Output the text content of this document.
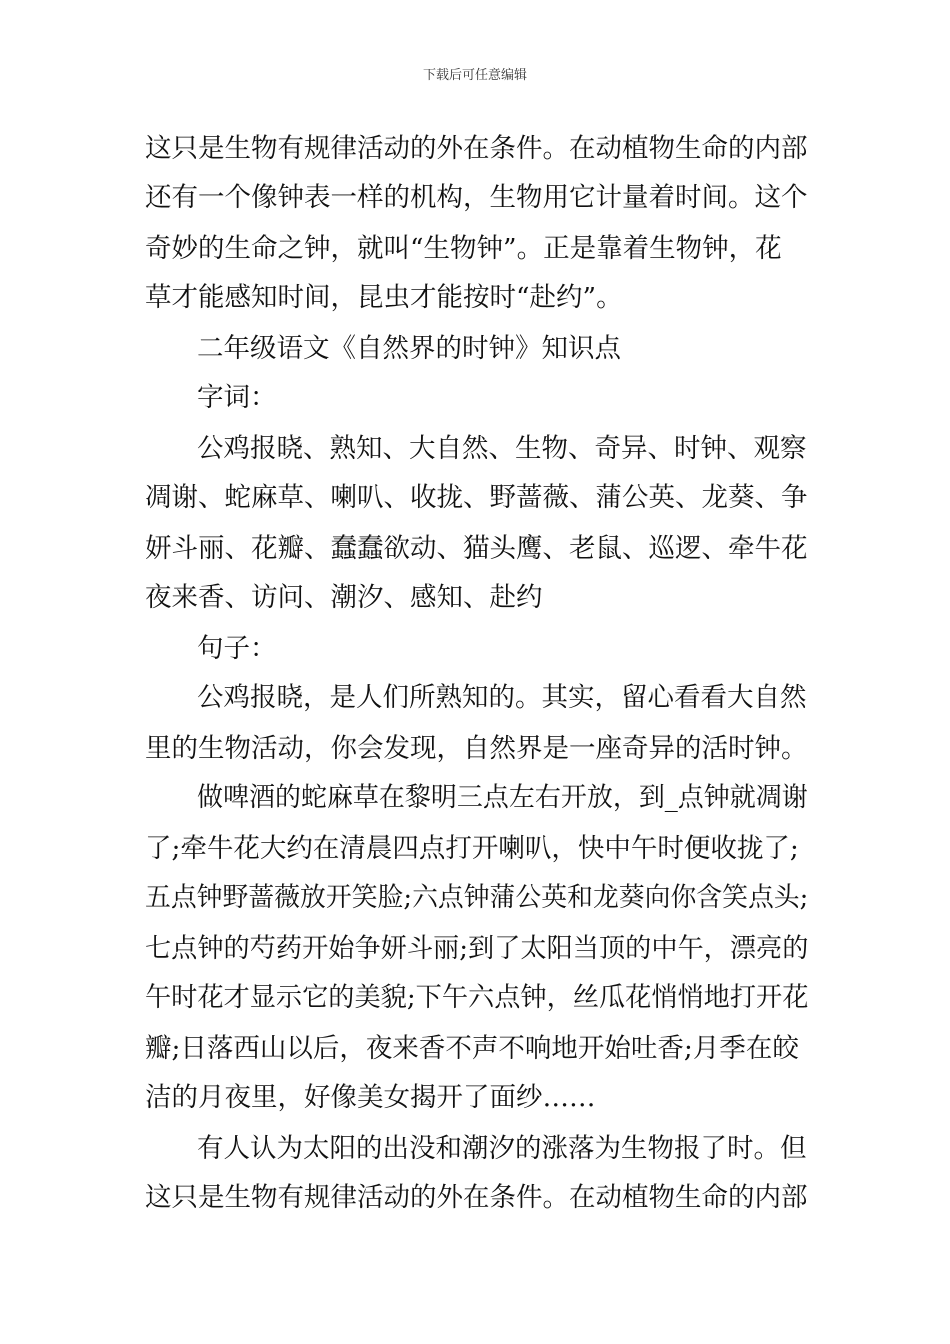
下载后可任意编辑
这只是生物有规律活动的外在条件。在动植物生命的内部
还有一个像钟表一样的机构，生物用它计量着时间。这个
奇妙的生命之钟，就叫“生物钟”。正是靠着生物钟，花
草才能感知时间，昆虫才能按时“赴约”。
二年级语文《自然界的时钟》知识点
字词：
公鸡报晓、熟知、大自然、生物、奇异、时钟、观察
凋谢、蛇麻草、喇叭、收拢、野蔷薇、蒲公英、龙葵、争
妍斗丽、花瓣、蠢蠢欲动、猫头鹰、老鼠、巡逻、牵牛花
夜来香、访问、潮汐、感知、赴约
句子：
公鸡报晓，是人们所熟知的。其实，留心看看大自然
里的生物活动，你会发现，自然界是一座奇异的活时钟。
做啤酒的蛇麻草在黎明三点左右开放，到_点钟就凋谢
了;牵牛花大约在清晨四点打开喇叭，快中午时便收拢了;
五点钟野蔷薇放开笑脸;六点钟蒲公英和龙葵向你含笑点头;
七点钟的芍药开始争妍斗丽;到了太阳当顶的中午，漂亮的
午时花才显示它的美貌;下午六点钟，丝瓜花悄悄地打开花
瓣;日落西山以后，夜来香不声不响地开始吐香;月季在皎
洁的月夜里，好像美女揭开了面纱……
有人认为太阳的出没和潮汐的涨落为生物报了时。但
这只是生物有规律活动的外在条件。在动植物生命的内部
